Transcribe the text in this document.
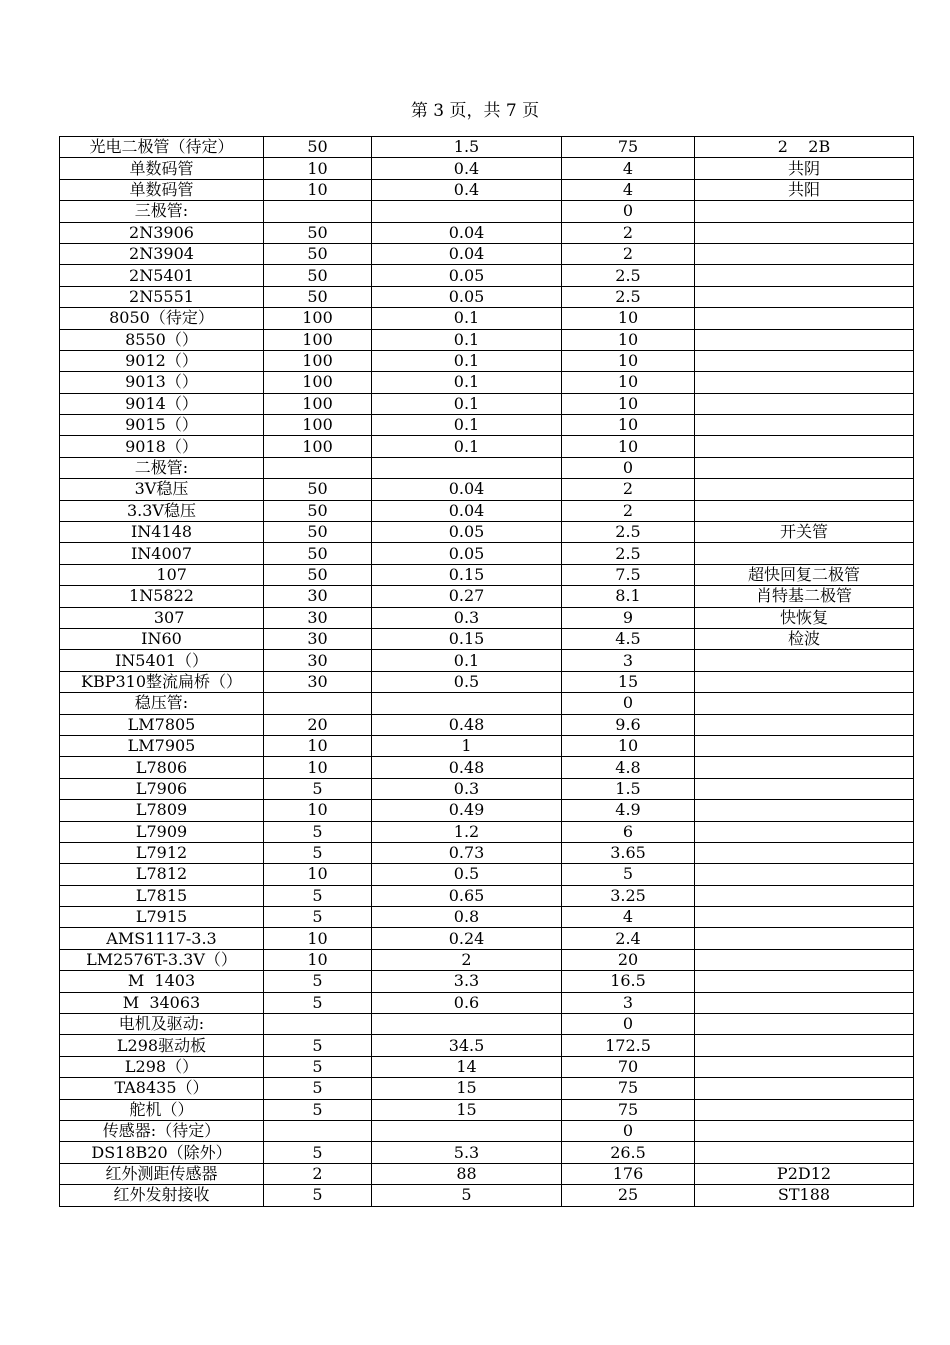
第 3 页，共 7 页
光电二极管（待定）	50	1.5	75	2    2B
单数码管	10	0.4	4	共阴
单数码管	10	0.4	4	共阳
三极管:			0	
2N3906	50	0.04	2	
2N3904	50	0.04	2	
2N5401	50	0.05	2.5	
2N5551	50	0.05	2.5	
8050（待定）	100	0.1	10	
8550（）	100	0.1	10	
9012（）	100	0.1	10	
9013（）	100	0.1	10	
9014（）	100	0.1	10	
9015（）	100	0.1	10	
9018（）	100	0.1	10	
二极管:			0	
3V稳压	50	0.04	2	
3.3V稳压	50	0.04	2	
IN4148	50	0.05	2.5	开关管
IN4007	50	0.05	2.5	
107	50	0.15	7.5	超快回复二极管
1N5822	30	0.27	8.1	肖特基二极管
307	30	0.3	9	快恢复
IN60	30	0.15	4.5	检波
IN5401（）	30	0.1	3	
KBP310整流扁桥（）	30	0.5	15	
稳压管:			0	
LM7805	20	0.48	9.6	
LM7905	10	1	10	
L7806	10	0.48	4.8	
L7906	5	0.3	1.5	
L7809	10	0.49	4.9	
L7909	5	1.2	6	
L7912	5	0.73	3.65	
L7812	10	0.5	5	
L7815	5	0.65	3.25	
L7915	5	0.8	4	
AMS1117-3.3	10	0.24	2.4	
LM2576T-3.3V（）	10	2	20	
M  1403	5	3.3	16.5	
M  34063	5	0.6	3	
电机及驱动:			0	
L298驱动板	5	34.5	172.5	
L298（）	5	14	70	
TA8435（）	5	15	75	
舵机（）	5	15	75	
传感器:（待定）			0	
DS18B20（除外）	5	5.3	26.5	
红外测距传感器	2	88	176	P2D12
红外发射接收	5	5	25	ST188
